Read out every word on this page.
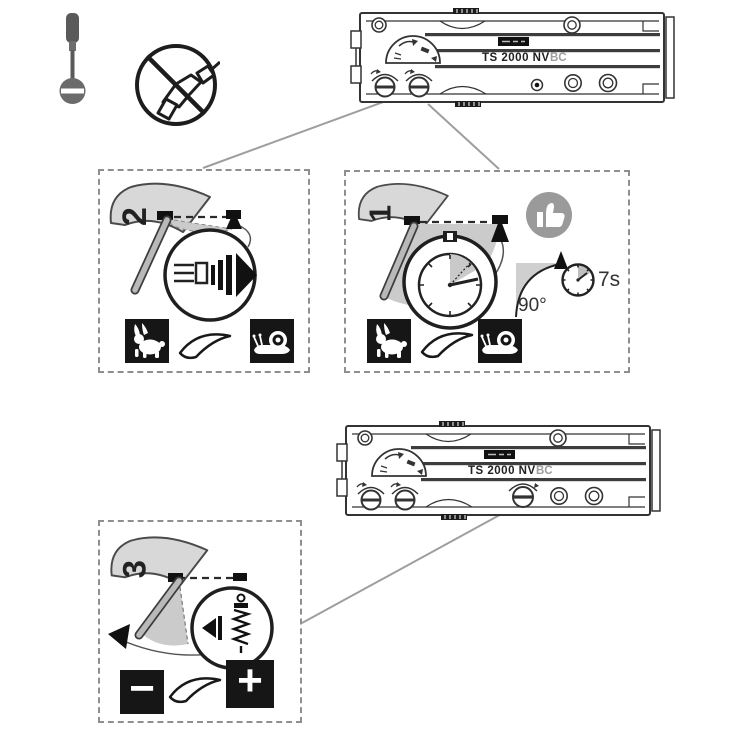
TS 2000 NV BC
TS 2000 NV BC
2	1
90°
7s
3
− +
